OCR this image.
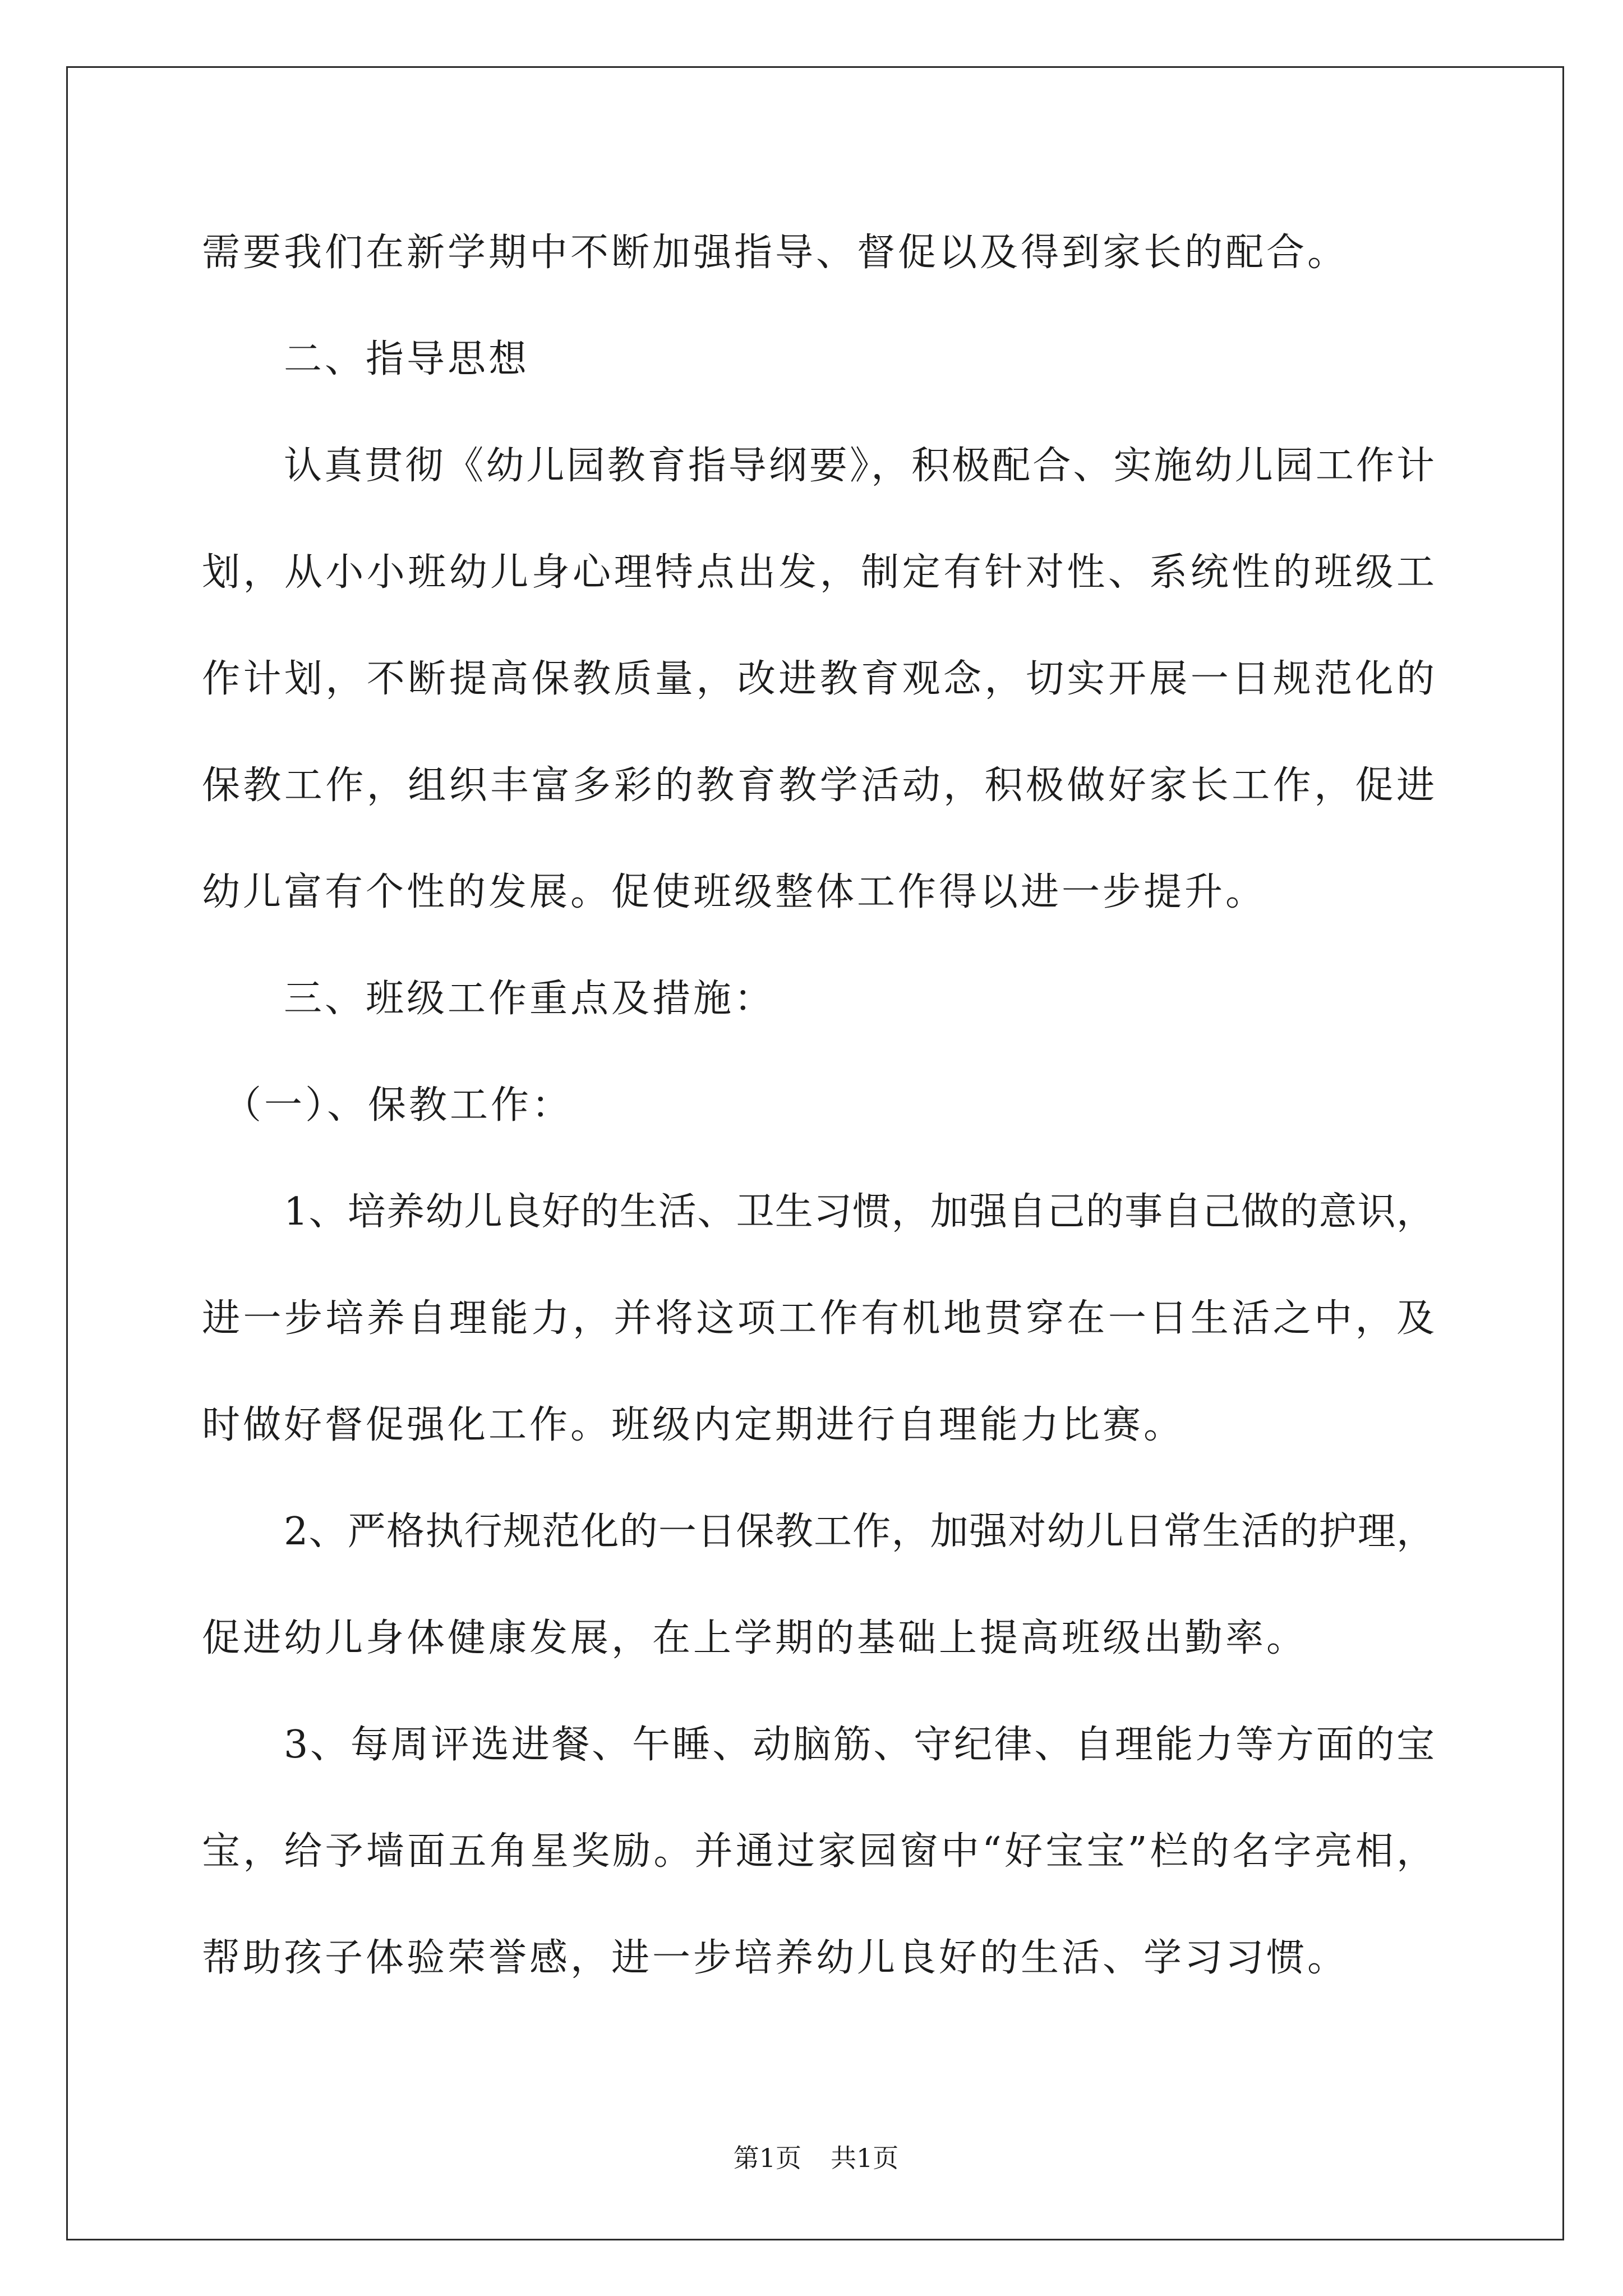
需要我们在新学期中不断加强指导、督促以及得到家长的配合。
二、指导思想
认真贯彻《幼儿园教育指导纲要》，积极配合、实施幼儿园工作计
划，从小小班幼儿身心理特点出发，制定有针对性、系统性的班级工
作计划，不断提高保教质量，改进教育观念，切实开展一日规范化的
保教工作，组织丰富多彩的教育教学活动，积极做好家长工作，促进
幼儿富有个性的发展。促使班级整体工作得以进一步提升。
三、班级工作重点及措施：
（一）、保教工作：
1、培养幼儿良好的生活、卫生习惯，加强自己的事自己做的意识，
进一步培养自理能力，并将这项工作有机地贯穿在一日生活之中，及
时做好督促强化工作。班级内定期进行自理能力比赛。
2、严格执行规范化的一日保教工作，加强对幼儿日常生活的护理，
促进幼儿身体健康发展，在上学期的基础上提高班级出勤率。
3、每周评选进餐、午睡、动脑筋、守纪律、自理能力等方面的宝
宝，给予墙面五角星奖励。并通过家园窗中“好宝宝”栏的名字亮相，
帮助孩子体验荣誉感，进一步培养幼儿良好的生活、学习习惯。
第1页 共1页
